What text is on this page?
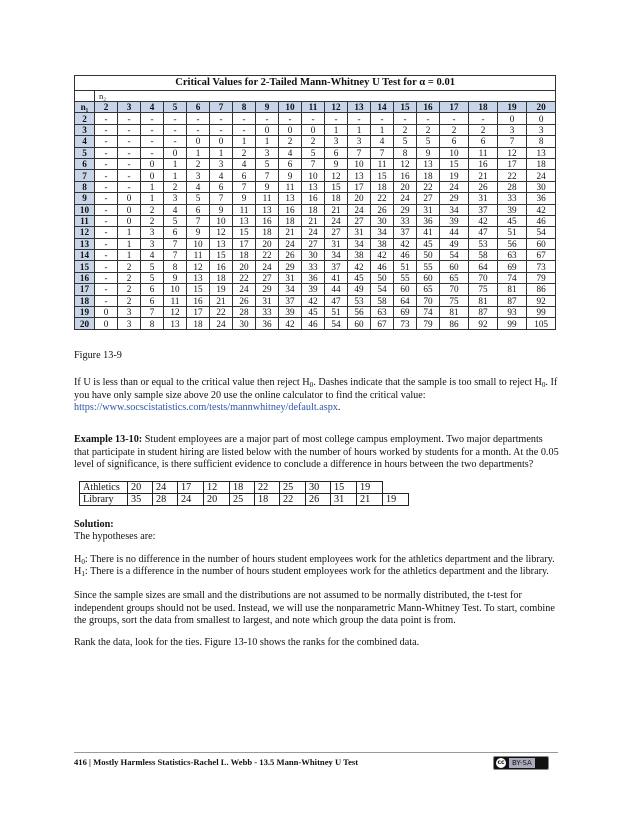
Critical Values for 2-Tailed Mann-Whitney U Test for α = 0.01																			
	n₂																		
n₁	2	3	4	5	6	7	8	9	10	11	12	13	14	15	16	17	18	19	20
2	-	-	-	-	-	-	-	-	-	-	-	-	-	-	-	-	-	0	0
3	-	-	-	-	-	-	-	0	0	0	1	1	1	2	2	2	2	3	3
4	-	-	-	-	0	0	1	1	2	2	3	3	4	5	5	6	6	7	8
5	-	-	-	0	1	1	2	3	4	5	6	7	7	8	9	10	11	12	13
6	-	-	0	1	2	3	4	5	6	7	9	10	11	12	13	15	16	17	18
7	-	-	0	1	3	4	6	7	9	10	12	13	15	16	18	19	21	22	24
8	-	-	1	2	4	6	7	9	11	13	15	17	18	20	22	24	26	28	30
9	-	0	1	3	5	7	9	11	13	16	18	20	22	24	27	29	31	33	36
10	-	0	2	4	6	9	11	13	16	18	21	24	26	29	31	34	37	39	42
11	-	0	2	5	7	10	13	16	18	21	24	27	30	33	36	39	42	45	46
12	-	1	3	6	9	12	15	18	21	24	27	31	34	37	41	44	47	51	54
13	-	1	3	7	10	13	17	20	24	27	31	34	38	42	45	49	53	56	60
14	-	1	4	7	11	15	18	22	26	30	34	38	42	46	50	54	58	63	67
15	-	2	5	8	12	16	20	24	29	33	37	42	46	51	55	60	64	69	73
16	-	2	5	9	13	18	22	27	31	36	41	45	50	55	60	65	70	74	79
17	-	2	6	10	15	19	24	29	34	39	44	49	54	60	65	70	75	81	86
18	-	2	6	11	16	21	26	31	37	42	47	53	58	64	70	75	81	87	92
19	0	3	7	12	17	22	28	33	39	45	51	56	63	69	74	81	87	93	99
20	0	3	8	13	18	24	30	36	42	46	54	60	67	73	79	86	92	99	105
Figure 13-9

If U is less than or equal to the critical value then reject $H_0$. Dashes indicate that the sample is too small to reject $H_0$. If you have only sample size above 20 use the online calculator to find the critical value: https://www.socscistatistics.com/tests/mannwhitney/default.aspx.

Example 13-10: Student employees are a major part of most college campus employment. Two major departments that participate in student hiring are listed below with the number of hours worked by students for a month. At the 0.05 level of significance, is there sufficient evidence to conclude a difference in hours between the two departments?

Athletics	20	24	17	12	18	22	25	30	15	19	
Library	35	28	24	20	25	18	22	26	31	21	19

Solution:

The hypotheses are:

$H_0$: There is no difference in the number of hours student employees work for the athletics department and the library.

$H_1$: There is a difference in the number of hours student employees work for the athletics department and the library.

Since the sample sizes are small and the distributions are not assumed to be normally distributed, the t-test for independent groups should not be used. Instead, we will use the nonparametric Mann-Whitney Test. To start, combine the groups, sort the data from smallest to largest, and note which group the data point is from.

Rank the data, look for the ties. Figure 13-10 shows the ranks for the combined data.

416 | Mostly Harmless Statistics-Rachel L. Webb - 13.5 Mann-Whitney U Test	cc	BY-SA
